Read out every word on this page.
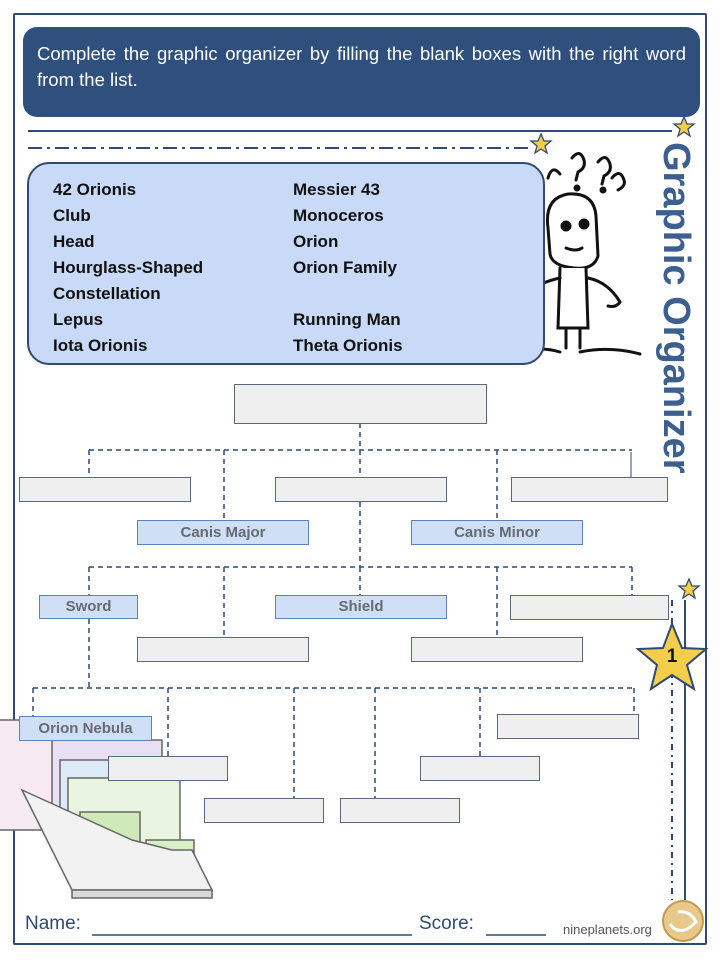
Complete the graphic organizer by filling the blank boxes with the right word from the list.
Graphic Organizer
42 Orionis
Club
Head
Hourglass-Shaped
Constellation
Lepus
Iota Orionis
Messier 43
Monoceros
Orion
Orion Family
Running Man
Theta Orionis
Canis Major	Canis Minor
Sword	Shield
Orion Nebula
1
Name:	Score:	nineplanets.org
